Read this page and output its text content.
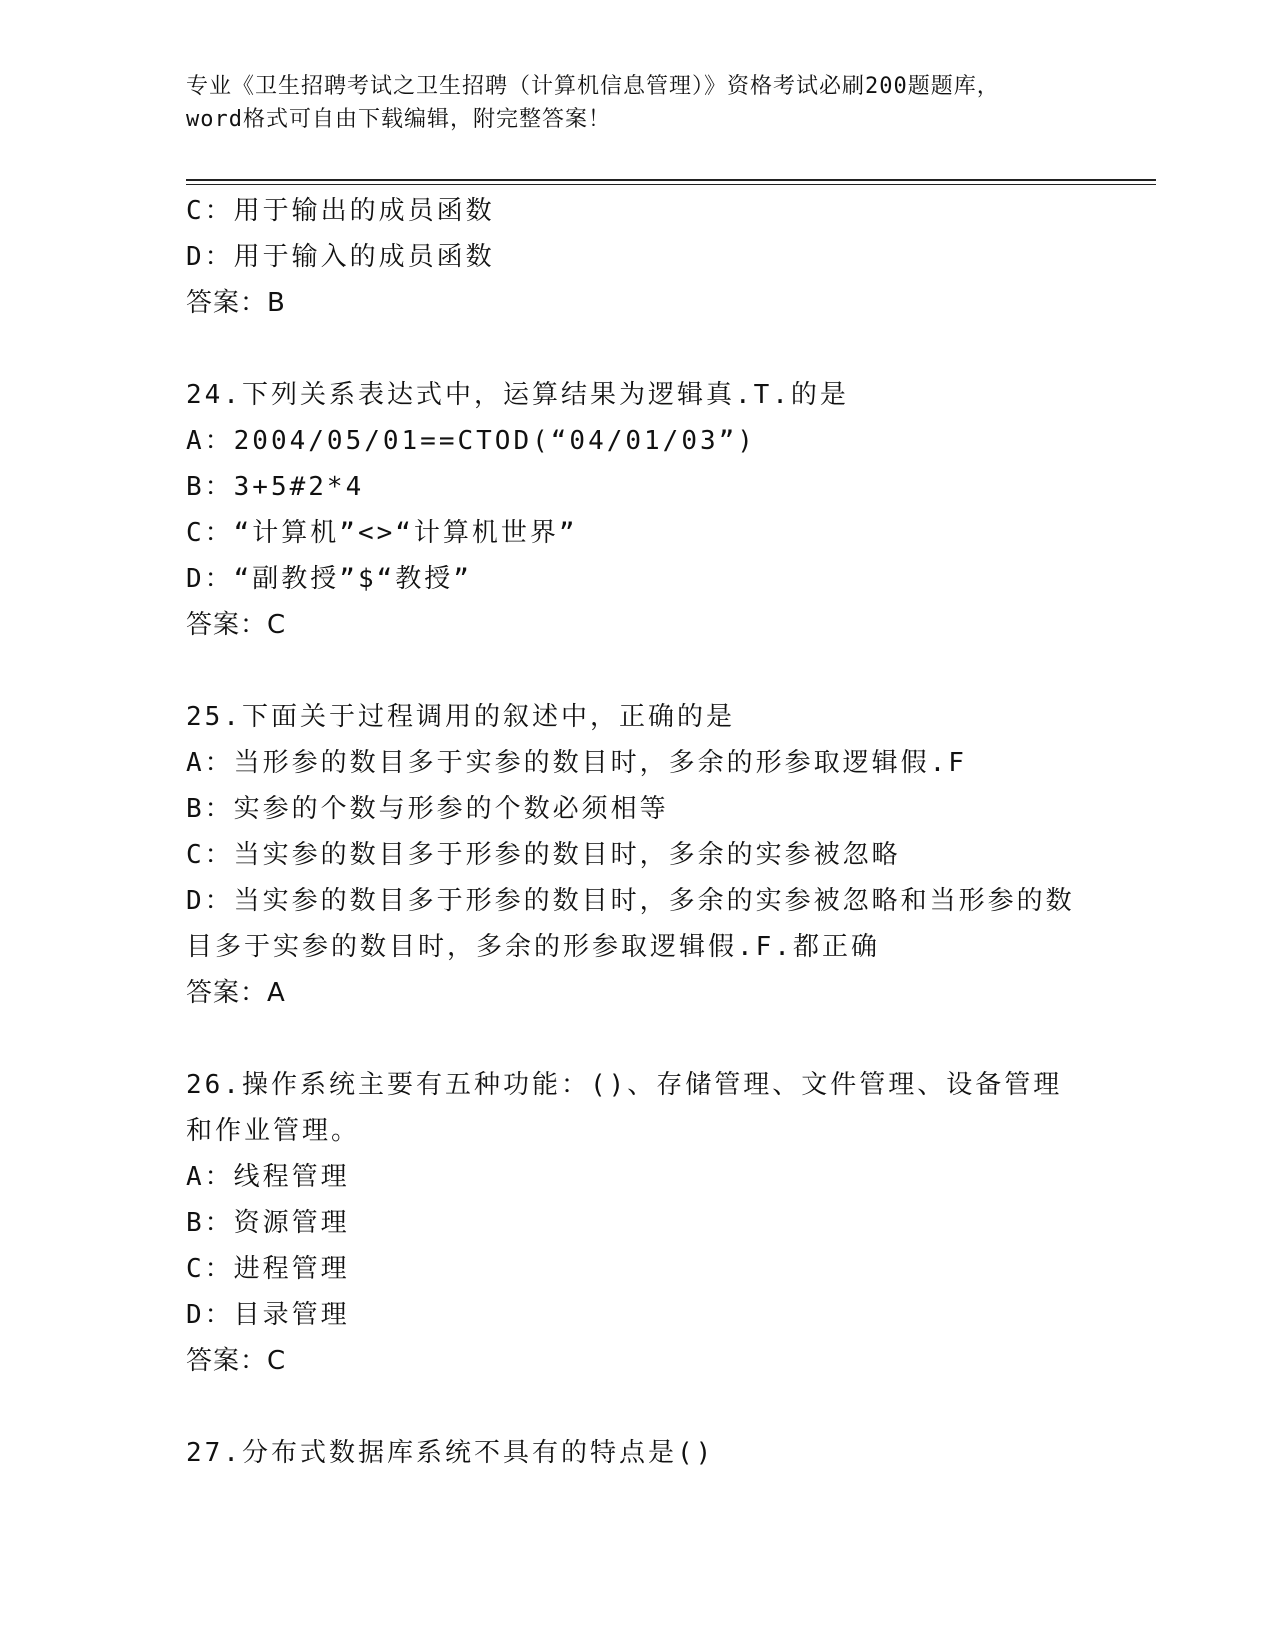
专业《卫生招聘考试之卫生招聘（计算机信息管理）》资格考试必刷200题题库，
word格式可自由下载编辑，附完整答案！
C：用于输出的成员函数
D：用于输入的成员函数
答案：B
24.下列关系表达式中，运算结果为逻辑真.T.的是
A：2004/05/01==CTOD(“04/01/03”)
B：3+5#2*4
C：“计算机”<>“计算机世界”
D：“副教授”$“教授”
答案：C
25.下面关于过程调用的叙述中，正确的是
A：当形参的数目多于实参的数目时，多余的形参取逻辑假.F
B：实参的个数与形参的个数必须相等
C：当实参的数目多于形参的数目时，多余的实参被忽略
D：当实参的数目多于形参的数目时，多余的实参被忽略和当形参的数目多于实参的数目时，多余的形参取逻辑假.F.都正确
答案：A
26.操作系统主要有五种功能：()、存储管理、文件管理、设备管理和作业管理。
A：线程管理
B：资源管理
C：进程管理
D：目录管理
答案：C
27.分布式数据库系统不具有的特点是()
